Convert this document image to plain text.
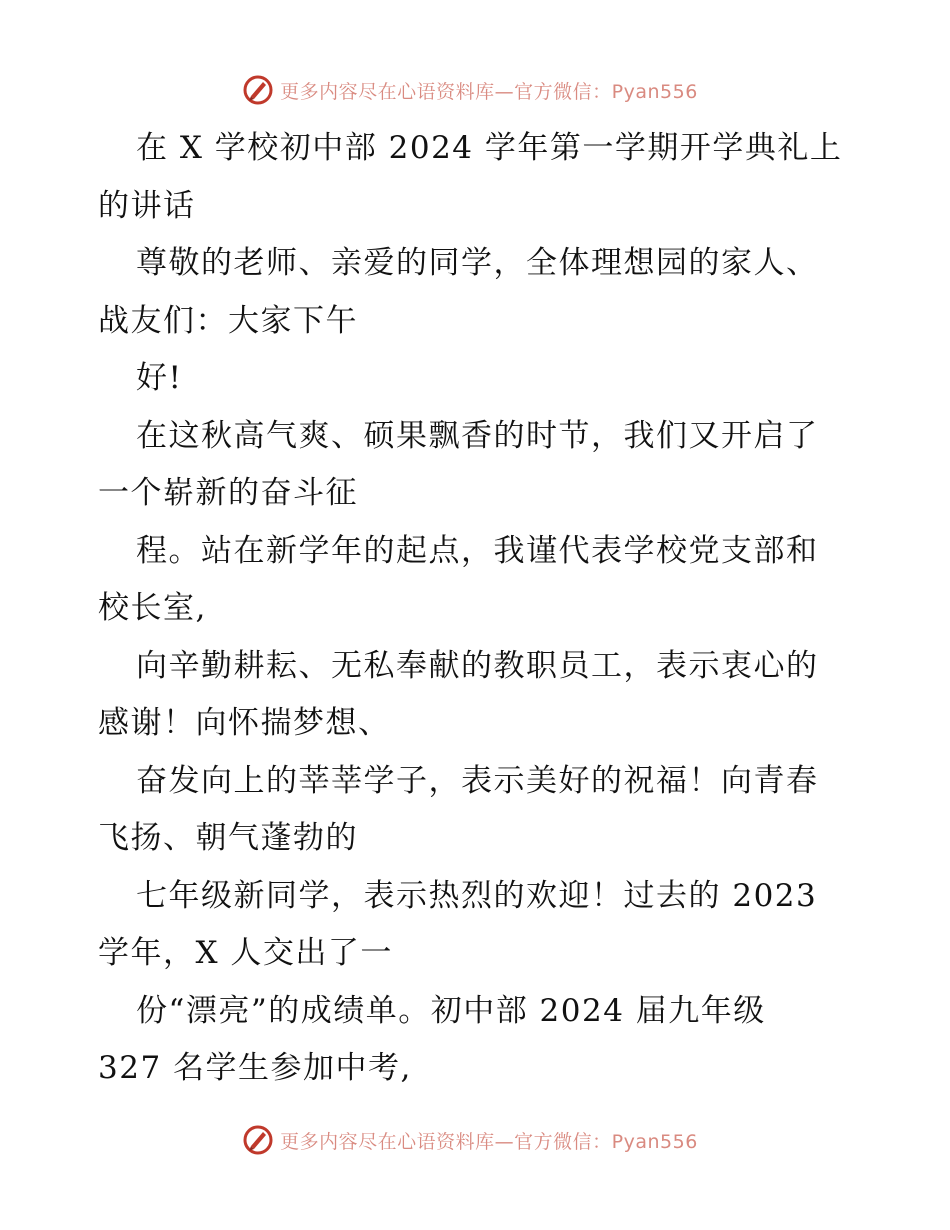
更多内容尽在心语资料库—官方微信：Pyan556
在 X 学校初中部 2024 学年第一学期开学典礼上
的讲话
尊敬的老师、亲爱的同学，全体理想园的家人、
战友们：大家下午
好!
在这秋高气爽、硕果飘香的时节，我们又开启了
一个崭新的奋斗征
程。站在新学年的起点，我谨代表学校党支部和
校长室,
向辛勤耕耘、无私奉献的教职员工，表示衷心的
感谢！向怀揣梦想、
奋发向上的莘莘学子，表示美好的祝福！向青春
飞扬、朝气蓬勃的
七年级新同学，表示热烈的欢迎！过去的 2023
学年，X 人交出了一
份“漂亮”的成绩单。初中部 2024 届九年级
327 名学生参加中考,
更多内容尽在心语资料库—官方微信：Pyan556
